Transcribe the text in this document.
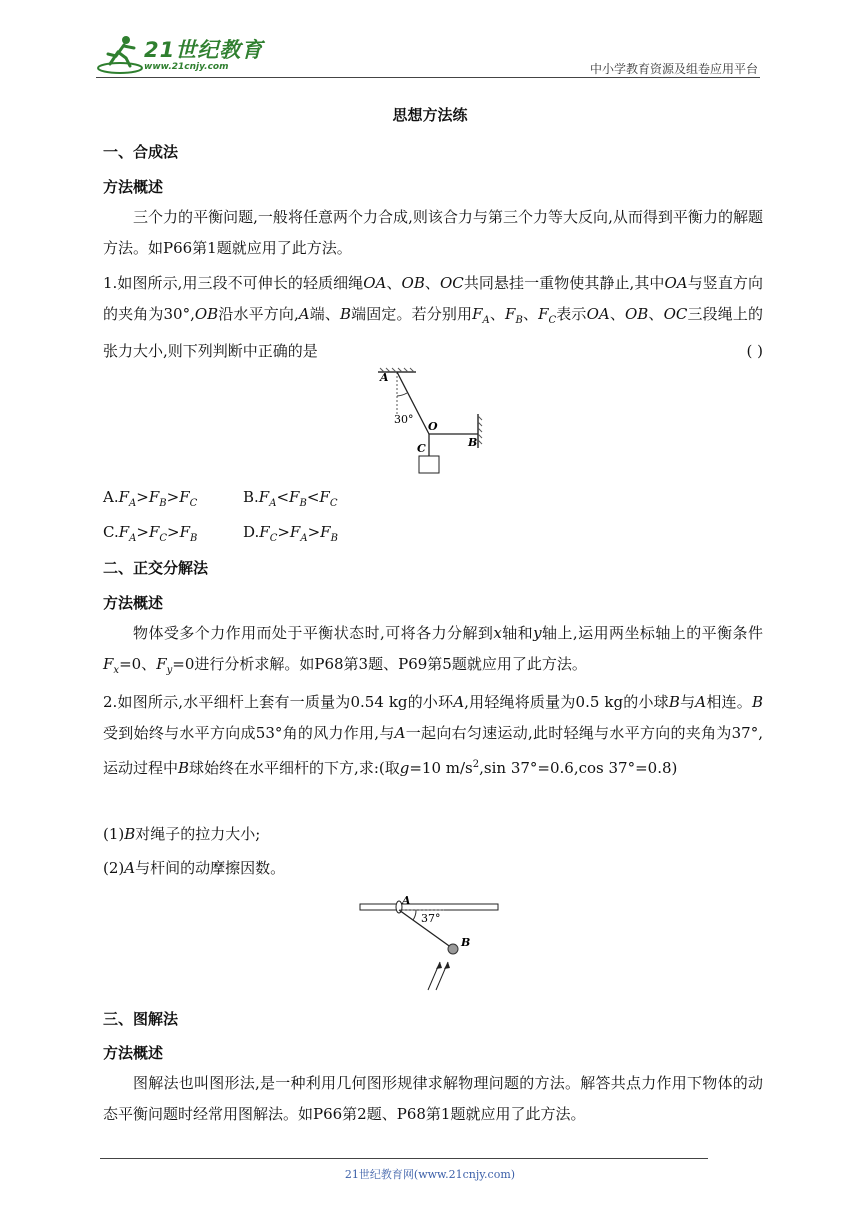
21世纪教育
www.21cnjy.com	中小学教育资源及组卷应用平台
思想方法练
一、合成法
方法概述
三个力的平衡问题,一般将任意两个力合成,则该合力与第三个力等大反向,从而得到平衡力的解题方法。如P66第1题就应用了此方法。
1.如图所示,用三段不可伸长的轻质细绳OA、OB、OC共同悬挂一重物使其静止,其中OA与竖直方向的夹角为30°,OB沿水平方向,A端、B端固定。若分别用$F_A$、$F_B$、$F_C$表示OA、OB、OC三段绳上的张力大小,则下列判断中正确的是	( )
A
30°
O
C	B
$A.F_A>F_B>F_C$	$B.F_A<F_B<F_C$
$C.F_A>F_C>F_B$	$D.F_C>F_A>F_B$
二、正交分解法
方法概述
物体受多个力作用而处于平衡状态时,可将各力分解到x轴和y轴上,运用两坐标轴上的平衡条件$F_x=0$、$F_y=0$进行分析求解。如P68第3题、P69第5题就应用了此方法。
2.如图所示,水平细杆上套有一质量为0.54 kg的小环A,用轻绳将质量为0.5 kg的小球B与A相连。B受到始终与水平方向成53°角的风力作用,与A一起向右匀速运动,此时轻绳与水平方向的夹角为37°,运动过程中B球始终在水平细杆的下方,求:(取g=10 $m/s^2,\sin$ 37°=0.6,cos 37°=0.8)
(1)B对绳子的拉力大小;
(2)A与杆间的动摩擦因数。
A
37°
B
三、图解法
方法概述
图解法也叫图形法,是一种利用几何图形规律求解物理问题的方法。解答共点力作用下物体的动态平衡问题时经常用图解法。如P66第2题、P68第1题就应用了此方法。
21世纪教育网(www.21cnjy.com)
